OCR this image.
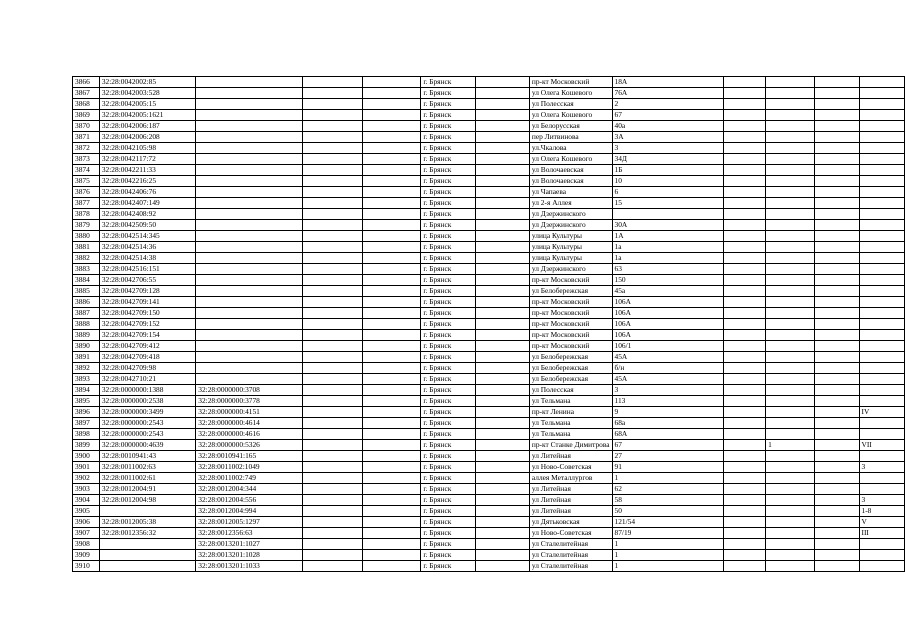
3866	32:28:0042002:85				г. Брянск		пр-кт Московский	18А				
3867	32:28:0042003:528				г. Брянск		ул Олега Кошевого	76А				
3868	32:28:0042005:15				г. Брянск		ул Полесская	2				
3869	32:28:0042005:1621				г. Брянск		ул Олега Кошевого	67				
3870	32:28:0042006:187				г. Брянск		ул Белорусская	40а				
3871	32:28:0042006:208				г. Брянск		пер Литвинова	3А				
3872	32:28:0042105:98				г. Брянск		ул.Чкалова	3				
3873	32:28:0042117:72				г. Брянск		ул Олега Кошевого	34Д				
3874	32:28:0042211:33				г. Брянск		ул Волочаевская	1Б				
3875	32:28:0042216:25				г. Брянск		ул Волочаевская	10				
3876	32:28:0042406:76				г. Брянск		ул Чапаева	6				
3877	32:28:0042407:149				г. Брянск		ул 2-я Аллея	15				
3878	32:28:0042408:92				г. Брянск		ул Дзержинского					
3879	32:28:0042509:50				г. Брянск		ул Дзержинского	30А				
3880	32:28:0042514:345				г. Брянск		улица Культуры	1А				
3881	32:28:0042514:36				г. Брянск		улица Культуры	1а				
3882	32:28:0042514:38				г. Брянск		улица Культуры	1а				
3883	32:28:0042516:151				г. Брянск		ул Дзержинского	63				
3884	32:28:0042706:55				г. Брянск		пр-кт Московский	150				
3885	32:28:0042709:128				г. Брянск		ул Белобережская	45а				
3886	32:28:0042709:141				г. Брянск		пр-кт Московский	106А				
3887	32:28:0042709:150				г. Брянск		пр-кт Московский	106А				
3888	32:28:0042709:152				г. Брянск		пр-кт Московский	106А				
3889	32:28:0042709:154				г. Брянск		пр-кт Московский	106А				
3890	32:28:0042709:412				г. Брянск		пр-кт Московский	106/1				
3891	32:28:0042709:418				г. Брянск		ул Белобережская	45А				
3892	32:28:0042709:98				г. Брянск		ул Белобережская	б/н				
3893	32:28:0042710:21				г. Брянск		ул Белобережская	45А				
3894	32:28:0000000:1388	32:28:0000000:3708			г. Брянск		ул Полесская	3				
3895	32:28:0000000:2538	32:28:0000000:3778			г. Брянск		ул Тельмана	113				
3896	32:28:0000000:3499	32:28:0000000:4151			г. Брянск		пр-кт Ленина	9				IV
3897	32:28:0000000:2543	32:28:0000000:4614			г. Брянск		ул Тельмана	68а				
3898	32:28:0000000:2543	32:28:0000000:4616			г. Брянск		ул Тельмана	68А				
3899	32:28:0000000:4639	32:28:0000000:5326			г. Брянск		пр-кт Станке Димитрова	67		1		VII
3900	32:28:0010941:43	32:28:0010941:165			г. Брянск		ул Литейная	27				
3901	32:28:0011002:63	32:28:0011002:1049			г. Брянск		ул Ново-Советская	91				3
3902	32:28:0011002:61	32:28:0011002:749			г. Брянск		аллея Металлургов	1				
3903	32:28:0012004:91	32:28:0012004:344			г. Брянск		ул Литейная	62				
3904	32:28:0012004:98	32:28:0012004:556			г. Брянск		ул Литейная	58				3
3905		32:28:0012004:994			г. Брянск		ул Литейная	50				1-8
3906	32:28:0012005:38	32:28:0012005:1297			г. Брянск		ул Дятьковская	121/54				V
3907	32:28:0012356:32	32:28:0012356:63			г. Брянск		ул Ново-Советская	87/19				III
3908		32:28:0013201:1027			г. Брянск		ул Сталелитейная	1				
3909		32:28:0013201:1028			г. Брянск		ул Сталелитейная	1				
3910		32:28:0013201:1033			г. Брянск		ул Сталелитейная	1				
